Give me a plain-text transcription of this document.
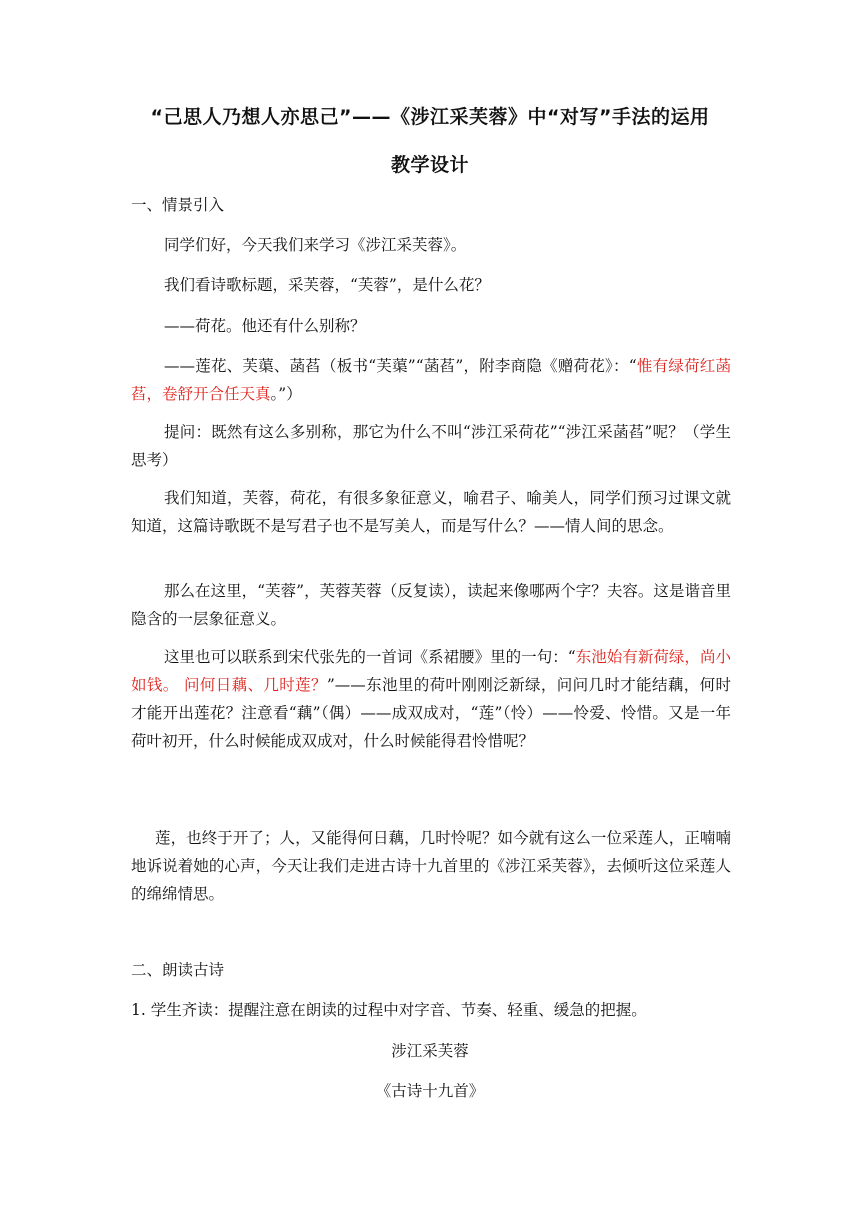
“己思人乃想人亦思己”——《涉江采芙蓉》中“对写”手法的运用
教学设计
一、情景引入
同学们好，今天我们来学习《涉江采芙蓉》。
我们看诗歌标题，采芙蓉，“芙蓉”，是什么花？
——荷花。他还有什么别称？
——莲花、芙蕖、菡萏（板书“芙蕖”“菡萏”，附李商隐《赠荷花》：“惟有绿荷红菡萏，卷舒开合任天真。”）
提问：既然有这么多别称，那它为什么不叫“涉江采荷花”“涉江采菡萏”呢？（学生思考）
我们知道，芙蓉，荷花，有很多象征意义，喻君子、喻美人，同学们预习过课文就知道，这篇诗歌既不是写君子也不是写美人，而是写什么？——情人间的思念。
那么在这里，“芙蓉”，芙蓉芙蓉（反复读），读起来像哪两个字？夫容。这是谐音里隐含的一层象征意义。
这里也可以联系到宋代张先的一首词《系裙腰》里的一句：“东池始有新荷绿，尚小如钱。 问何日藕、几时莲？”——东池里的荷叶刚刚泛新绿，问问几时才能结藕，何时才能开出莲花？注意看“藕”（偶）——成双成对，“莲”（怜）——怜爱、怜惜。又是一年荷叶初开，什么时候能成双成对，什么时候能得君怜惜呢？
莲，也终于开了；人，又能得何日藕，几时怜呢？如今就有这么一位采莲人，正喃喃地诉说着她的心声，今天让我们走进古诗十九首里的《涉江采芙蓉》，去倾听这位采莲人的绵绵情思。
二、朗读古诗
1. 学生齐读：提醒注意在朗读的过程中对字音、节奏、轻重、缓急的把握。
涉江采芙蓉
《古诗十九首》
